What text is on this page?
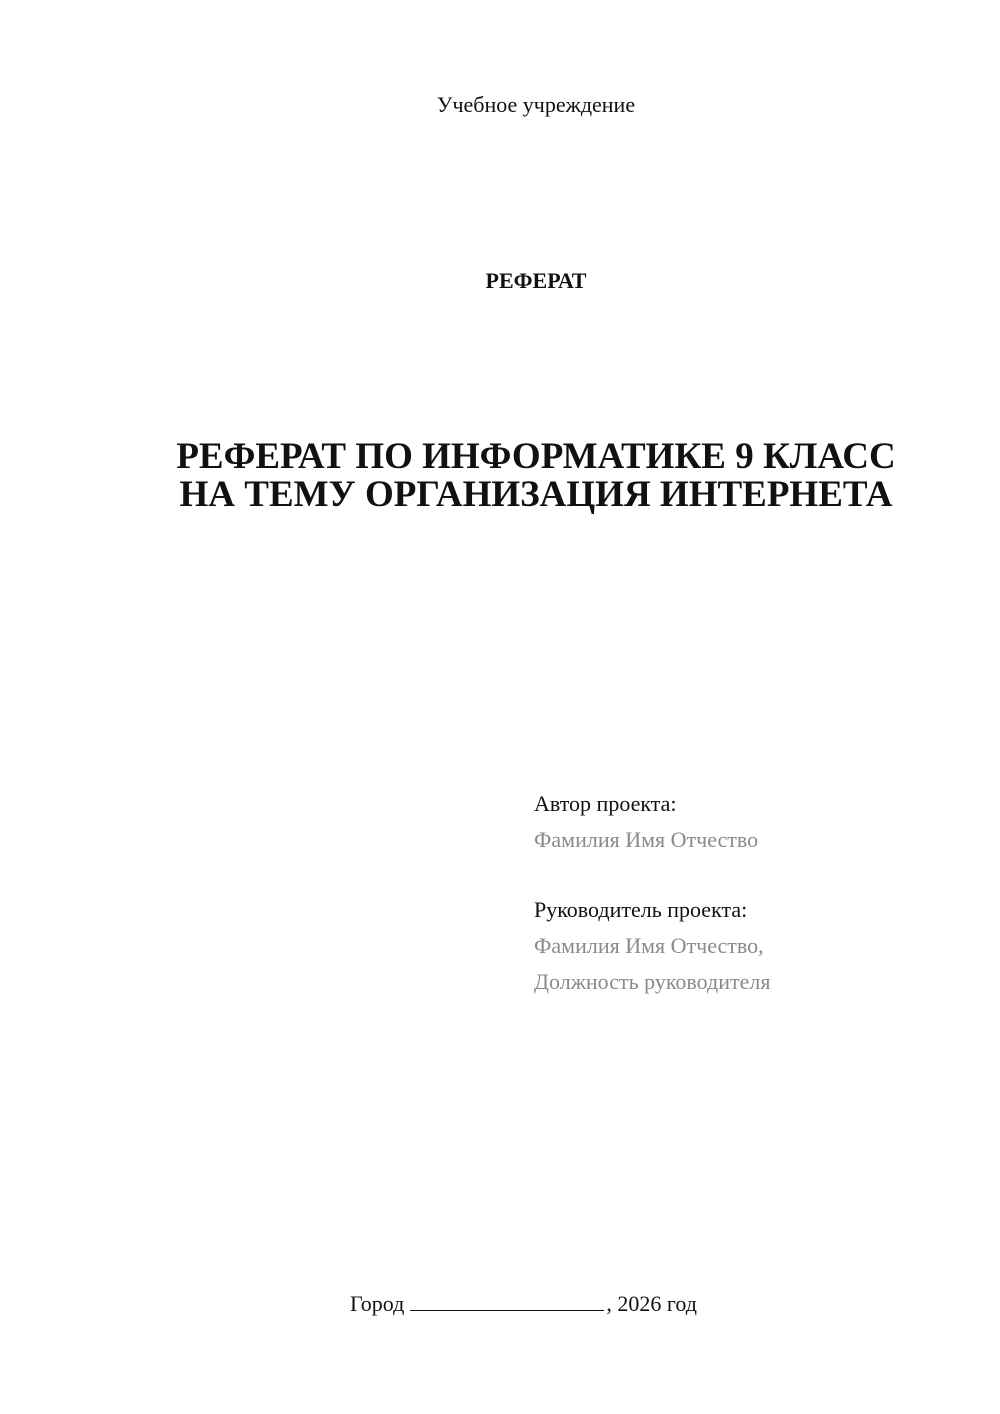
Учебное учреждение
РЕФЕРАТ
РЕФЕРАТ ПО ИНФОРМАТИКЕ 9 КЛАСС
НА ТЕМУ ОРГАНИЗАЦИЯ ИНТЕРНЕТА
Автор проекта:
Фамилия Имя Отчество
Руководитель проекта:
Фамилия Имя Отчество,
Должность руководителя
Город	, 2026 год
